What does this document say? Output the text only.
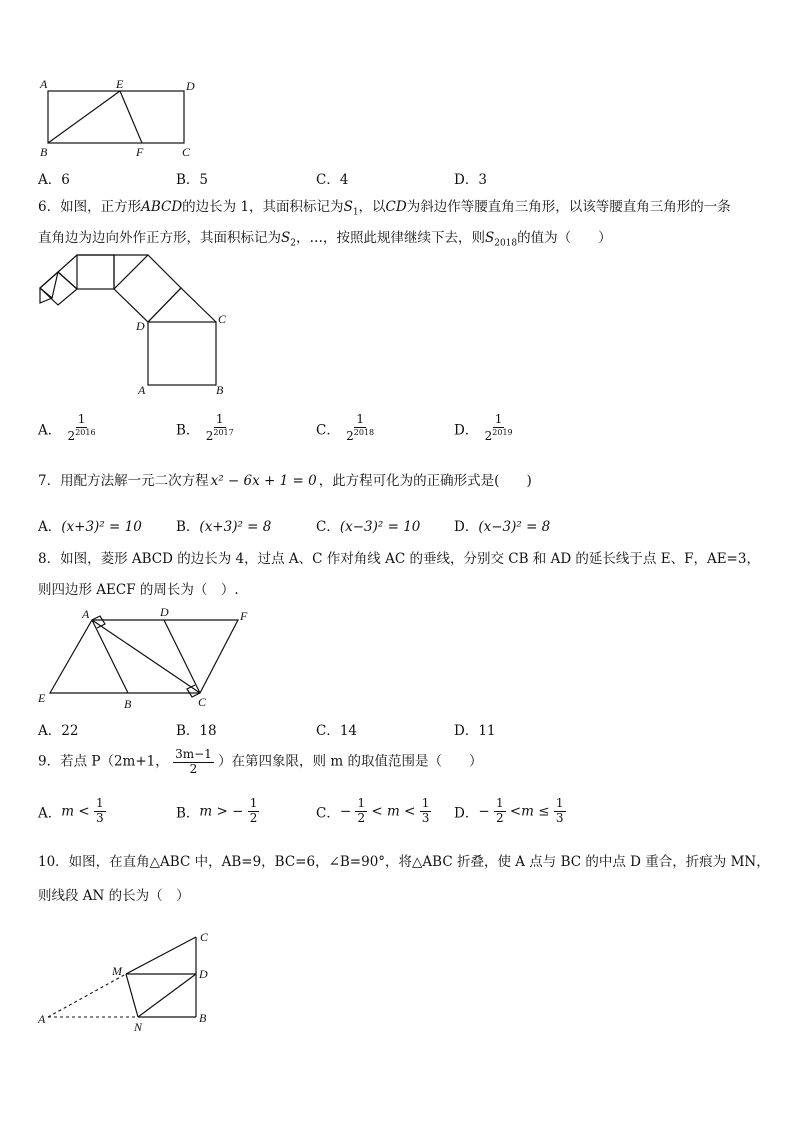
A	E	D
B	F	C
A．6	B．5	C．4	D．3
6．如图，正方形ABCD的边长为 1，其面积标记为$S_1$，以CD为斜边作等腰直角三角形，以该等腰直角三角形的一条
直角边为边向外作正方形，其面积标记为$S_2$，…，按照此规律继续下去，则$S_{2018}$的值为（　　）
D	C
A	B
A． $\frac{1}{2^{2016}}$	B． $\frac{1}{2^{2017}}$	C． $\frac{1}{2^{2018}}$	D． $\frac{1}{2^{2019}}$
7．用配方法解一元二次方程 x² − 6x + 1 = 0 ，此方程可化为的正确形式是(　　)
A．(x+3)² = 10	B．(x+3)² = 8	C．(x−3)² = 10 D．(x−3)² = 8
8．如图，菱形 ABCD 的边长为 4，过点 A、C 作对角线 AC 的垂线，分别交 CB 和 AD 的延长线于点 E、F，AE=3，
则四边形 AECF 的周长为（　）.
A	D	F
E	B	C
A．22	B．18	C．14	D．11
9．若点 P（2m+1， $\frac{3m-1}{2}$ ）在第四象限，则 m 的取值范围是（　　）
A．$m < \frac{1}{3}$	B．m > − $\frac{1}{2}$	C．− $\frac{1}{2} < m < \frac{1}{3}$ D．− $\frac{1}{2} <m \le \frac{1}{3}$
10．如图，在直角△ABC 中，AB=9，BC=6，∠B=90°，将△ABC 折叠，使 A 点与 BC 的中点 D 重合，折痕为 MN，
则线段 AN 的长为（　）
C
M	D
A
N
B
